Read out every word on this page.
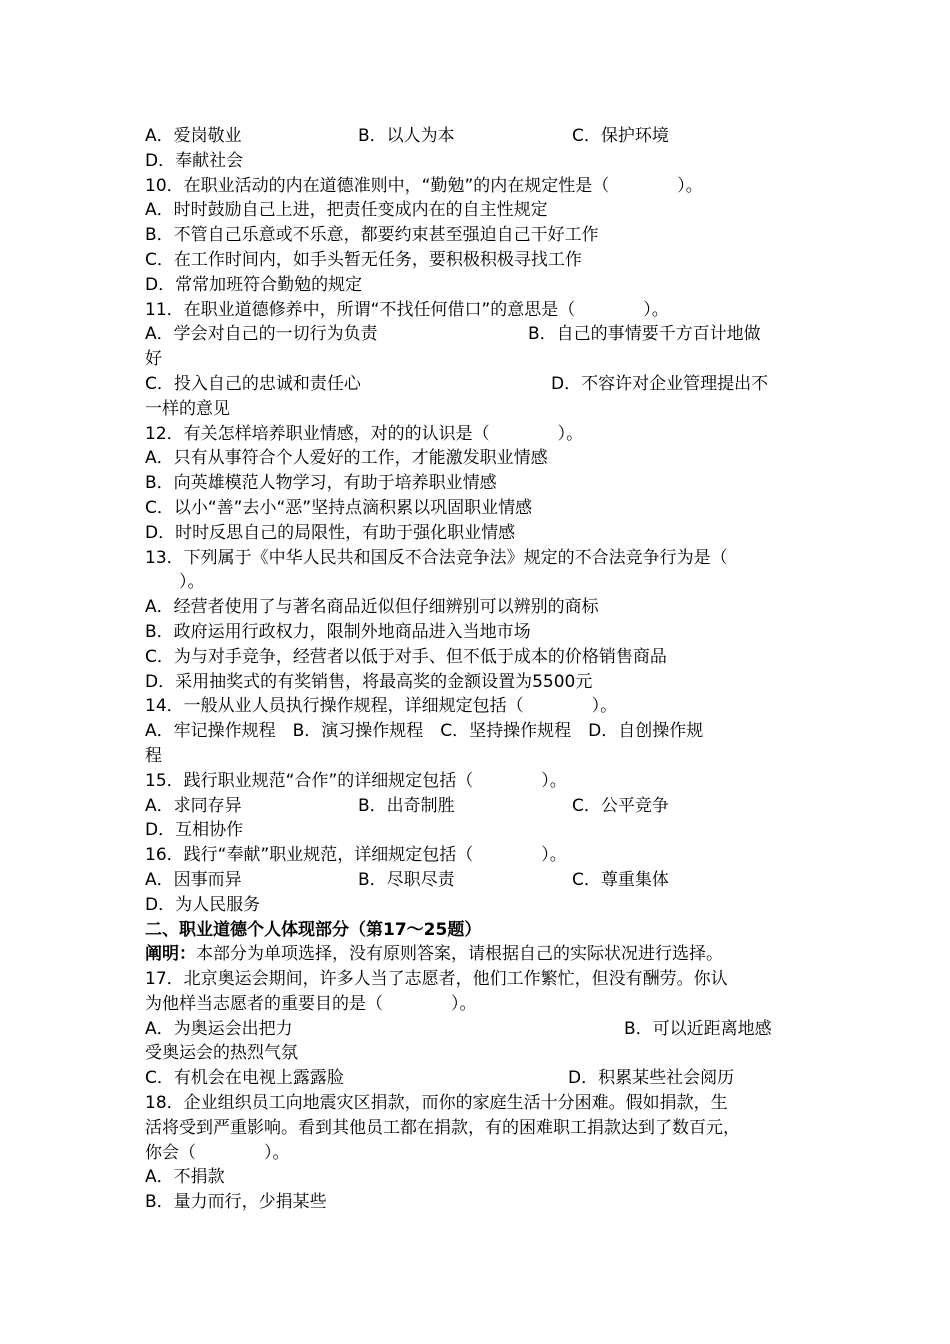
A．爱岗敬业	B．以人为本	C．保护环境
D．奉献社会
10．在职业活动的内在道德准则中，“勤勉”的内在规定性是（　　　　）。
A．时时鼓励自己上进，把责任变成内在的自主性规定
B．不管自己乐意或不乐意，都要约束甚至强迫自己干好工作
C．在工作时间内，如手头暂无任务，要积极积极寻找工作
D．常常加班符合勤勉的规定
11．在职业道德修养中，所谓“不找任何借口”的意思是（　　　　）。
A．学会对自己的一切行为负责	B．自己的事情要千方百计地做
好
C．投入自己的忠诚和责任心	D．不容许对企业管理提出不
一样的意见
12．有关怎样培养职业情感，对的的认识是（　　　　）。
A．只有从事符合个人爱好的工作，才能激发职业情感
B．向英雄模范人物学习，有助于培养职业情感
C．以小“善”去小“恶”坚持点滴积累以巩固职业情感
D．时时反思自己的局限性，有助于强化职业情感
13．下列属于《中华人民共和国反不合法竞争法》规定的不合法竞争行为是（
　　）。
A．经营者使用了与著名商品近似但仔细辨别可以辨别的商标
B．政府运用行政权力，限制外地商品进入当地市场
C．为与对手竞争，经营者以低于对手、但不低于成本的价格销售商品
D．采用抽奖式的有奖销售，将最高奖的金额设置为5500元
14．一般从业人员执行操作规程，详细规定包括（　　　　）。
A．牢记操作规程　B．演习操作规程　C．坚持操作规程　D．自创操作规
程
15．践行职业规范“合作”的详细规定包括（　　　　）。
A．求同存异	B．出奇制胜	C．公平竞争
D．互相协作
16．践行“奉献”职业规范，详细规定包括（　　　　）。
A．因事而异	B．尽职尽责	C．尊重集体
D．为人民服务
二、职业道德个人体现部分（第17～25题）
阐明：本部分为单项选择，没有原则答案，请根据自己的实际状况进行选择。
17．北京奥运会期间，许多人当了志愿者，他们工作繁忙，但没有酬劳。你认
为他样当志愿者的重要目的是（　　　　）。
A．为奥运会出把力	B．可以近距离地感
受奥运会的热烈气氛
C．有机会在电视上露露脸	D．积累某些社会阅历
18．企业组织员工向地震灾区捐款，而你的家庭生活十分困难。假如捐款，生
活将受到严重影响。看到其他员工都在捐款，有的困难职工捐款达到了数百元，
你会（　　　　）。
A．不捐款
B．量力而行，少捐某些
